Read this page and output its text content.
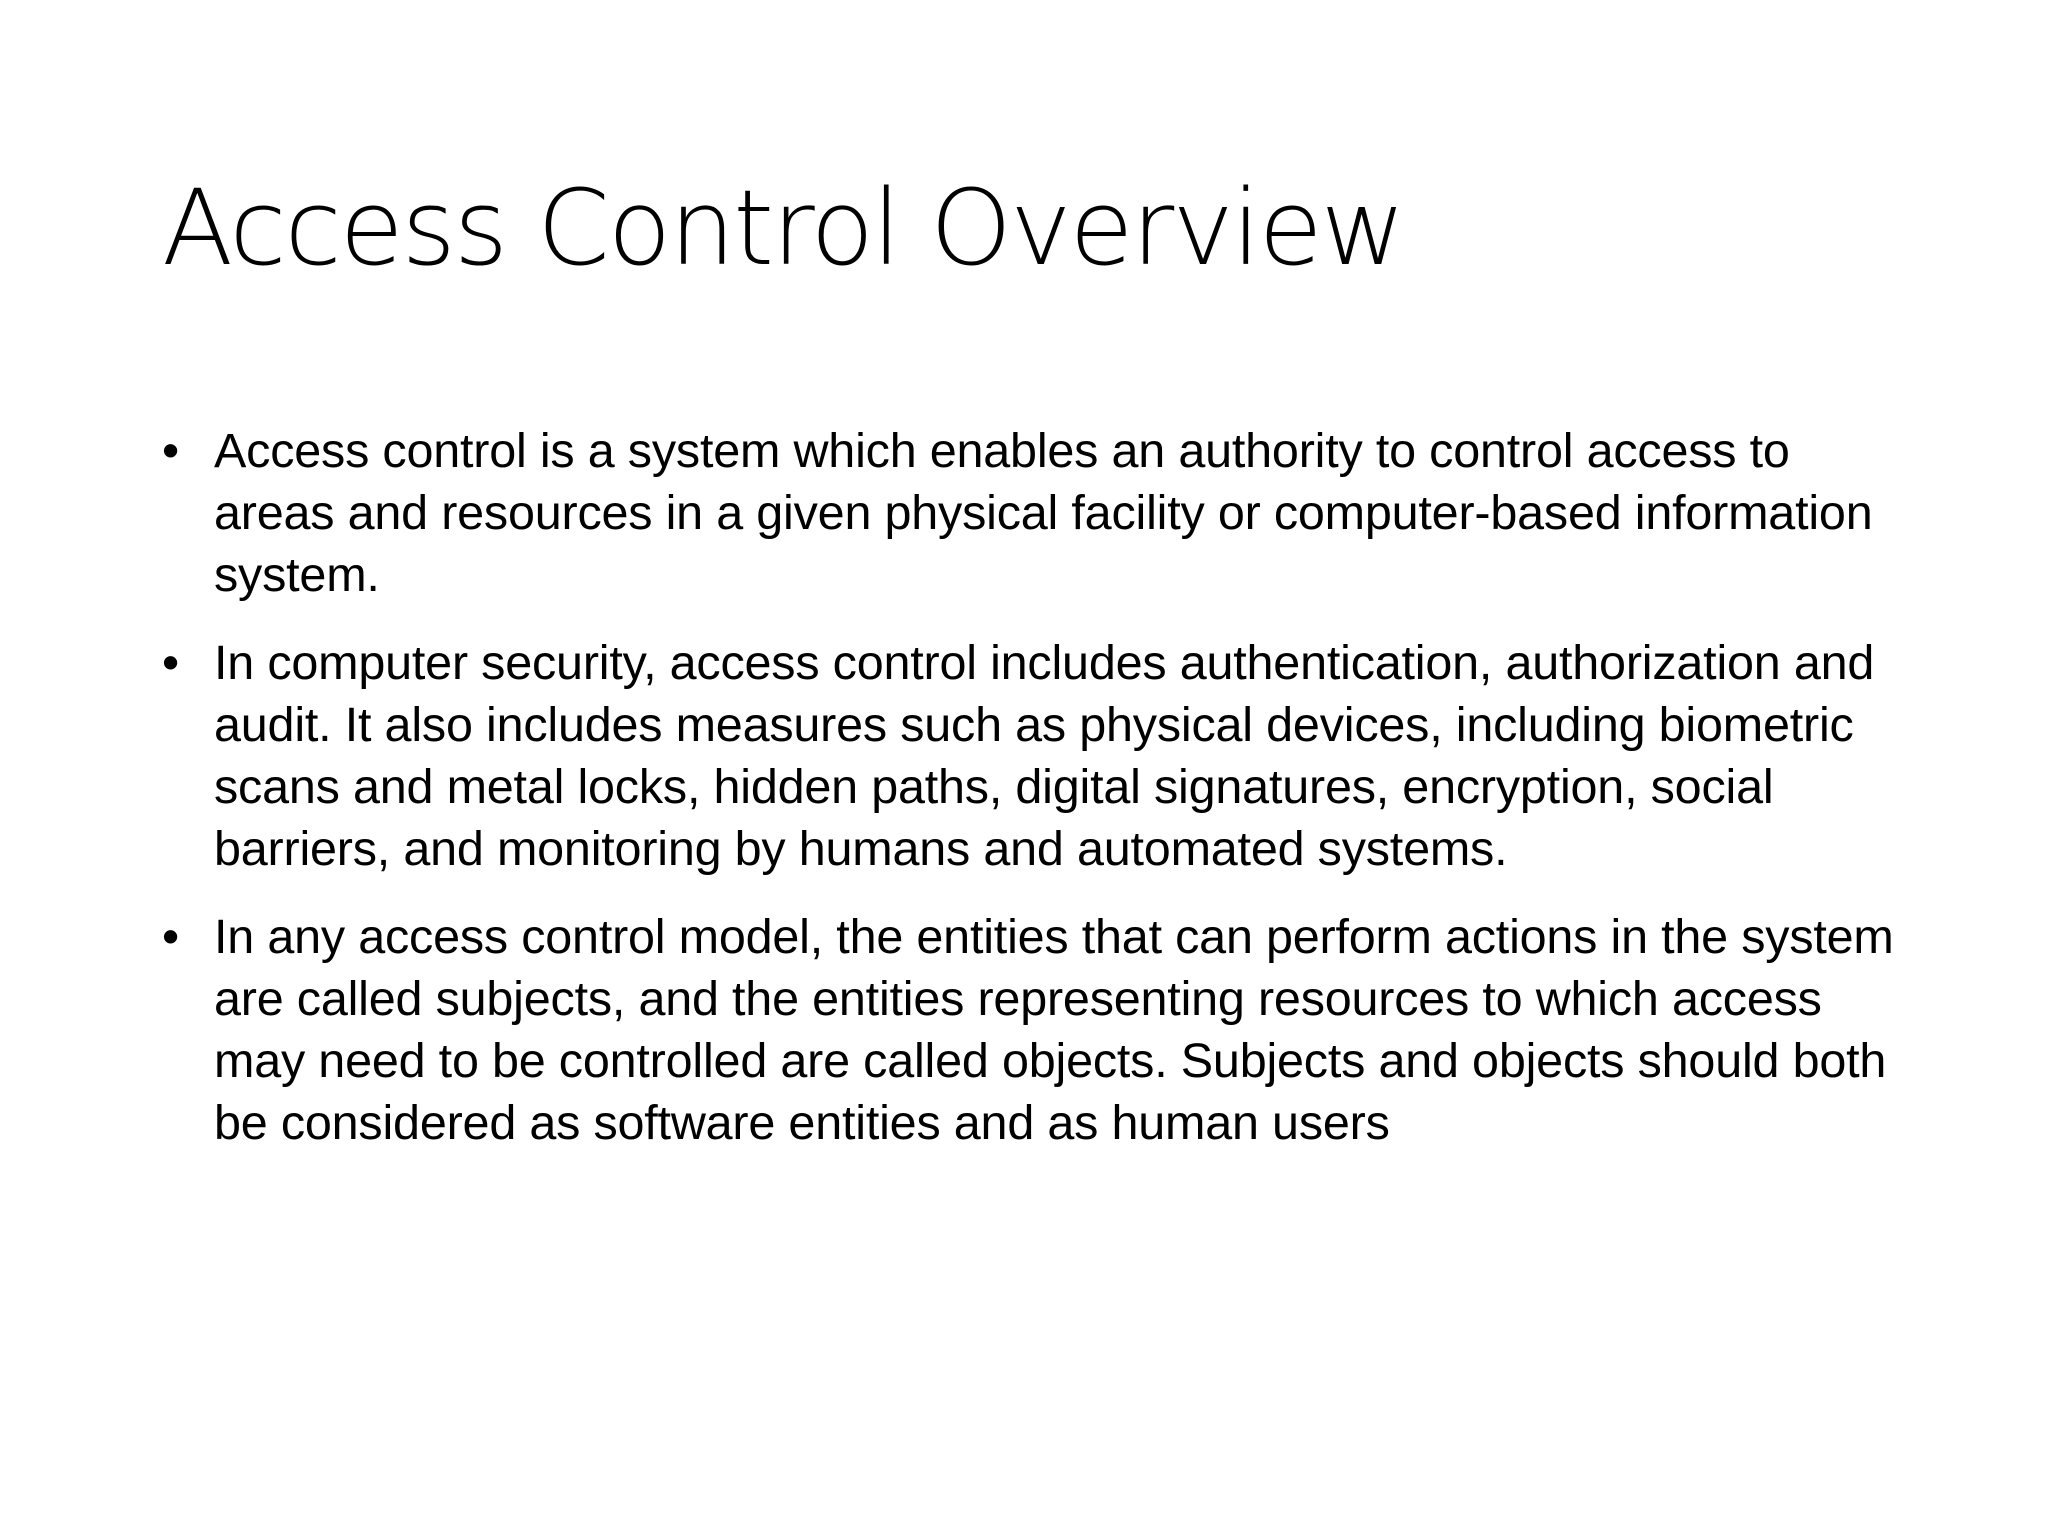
Access Control Overview
• Access control is a system which enables an authority to control access to areas and resources in a given physical facility or computer-based information system.
• In computer security, access control includes authentication, authorization and audit. It also includes measures such as physical devices, including biometric scans and metal locks, hidden paths, digital signatures, encryption, social barriers, and monitoring by humans and automated systems.
• In any access control model, the entities that can perform actions in the system are called subjects, and the entities representing resources to which access may need to be controlled are called objects. Subjects and objects should both be considered as software entities and as human users
